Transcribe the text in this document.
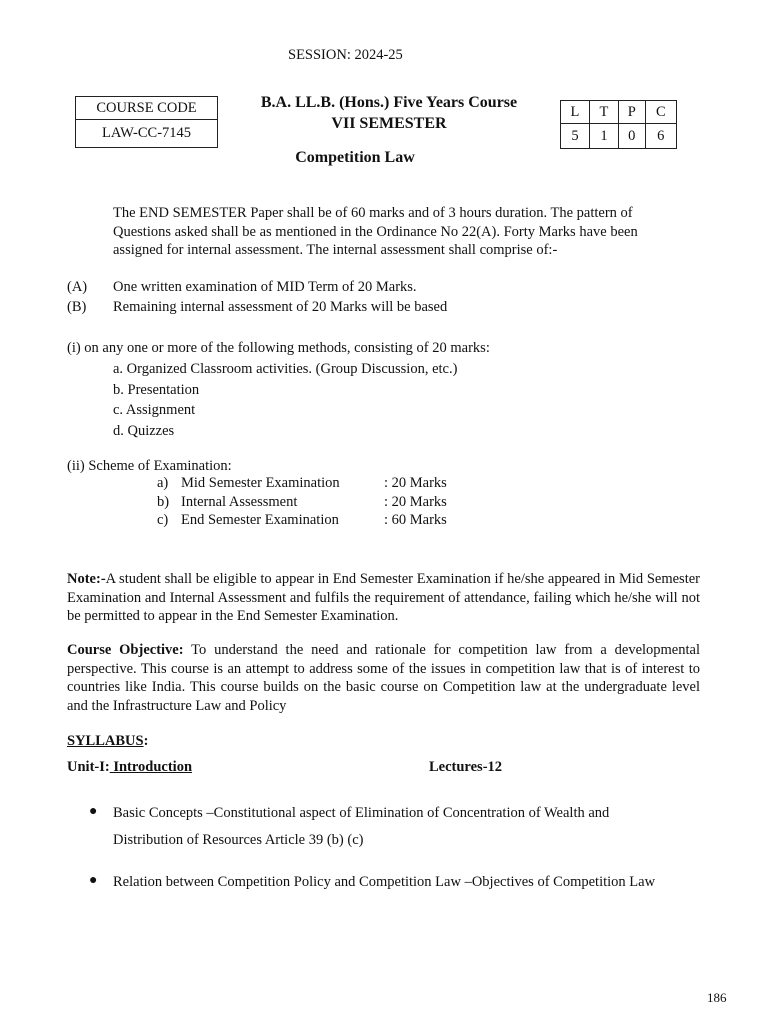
SESSION: 2024-25
COURSE CODE
LAW-CC-7145
B.A. LL.B. (Hons.) Five Years Course
VII SEMESTER
Competition Law
L	T	P	C
5	1	0	6
The END SEMESTER Paper shall be of 60 marks and of 3 hours duration. The pattern of Questions asked shall be as mentioned in the Ordinance No 22(A). Forty Marks have been assigned for internal assessment. The internal assessment shall comprise of:-
(A) One written examination of MID Term of 20 Marks.
(B) Remaining internal assessment of 20 Marks will be based
(i) on any one or more of the following methods, consisting of 20 marks:
a. Organized Classroom activities. (Group Discussion, etc.)
b. Presentation
c. Assignment
d. Quizzes
(ii) Scheme of Examination:
a) Mid Semester Examination	: 20 Marks
b) Internal Assessment	: 20 Marks
c) End Semester Examination	: 60 Marks
Note:-A student shall be eligible to appear in End Semester Examination if he/she appeared in Mid Semester Examination and Internal Assessment and fulfils the requirement of attendance, failing which he/she will not be permitted to appear in the End Semester Examination.
Course Objective: To understand the need and rationale for competition law from a developmental perspective. This course is an attempt to address some of the issues in competition law that is of interest to countries like India. This course builds on the basic course on Competition law at the undergraduate level and the Infrastructure Law and Policy
SYLLABUS:
Unit-I: Introduction	Lectures-12
● Basic Concepts –Constitutional aspect of Elimination of Concentration of Wealth and
Distribution of Resources Article 39 (b) (c)
● Relation between Competition Policy and Competition Law –Objectives of Competition Law
186
